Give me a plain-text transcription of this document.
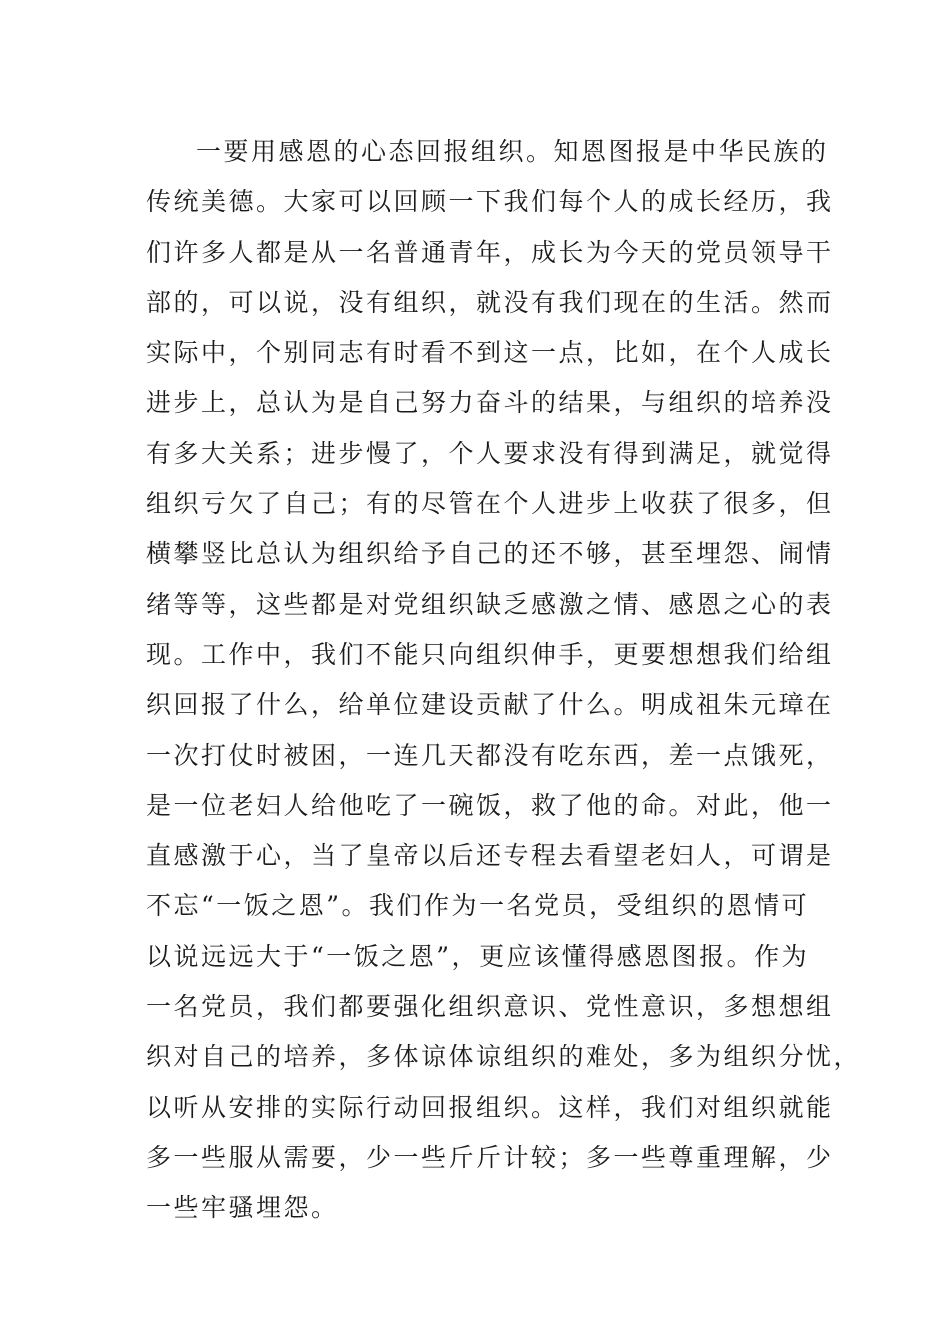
一要用感恩的心态回报组织。知恩图报是中华民族的
传统美德。大家可以回顾一下我们每个人的成长经历，我
们许多人都是从一名普通青年，成长为今天的党员领导干
部的，可以说，没有组织，就没有我们现在的生活。然而
实际中，个别同志有时看不到这一点，比如，在个人成长
进步上，总认为是自己努力奋斗的结果，与组织的培养没
有多大关系；进步慢了，个人要求没有得到满足，就觉得
组织亏欠了自己；有的尽管在个人进步上收获了很多，但
横攀竖比总认为组织给予自己的还不够，甚至埋怨、闹情
绪等等，这些都是对党组织缺乏感激之情、感恩之心的表
现。工作中，我们不能只向组织伸手，更要想想我们给组
织回报了什么，给单位建设贡献了什么。明成祖朱元璋在
一次打仗时被困，一连几天都没有吃东西，差一点饿死，
是一位老妇人给他吃了一碗饭，救了他的命。对此，他一
直感激于心，当了皇帝以后还专程去看望老妇人，可谓是
不忘“一饭之恩”。我们作为一名党员，受组织的恩情可
以说远远大于“一饭之恩”，更应该懂得感恩图报。作为
一名党员，我们都要强化组织意识、党性意识，多想想组
织对自己的培养，多体谅体谅组织的难处，多为组织分忧，
以听从安排的实际行动回报组织。这样，我们对组织就能
多一些服从需要，少一些斤斤计较；多一些尊重理解，少
一些牢骚埋怨。
